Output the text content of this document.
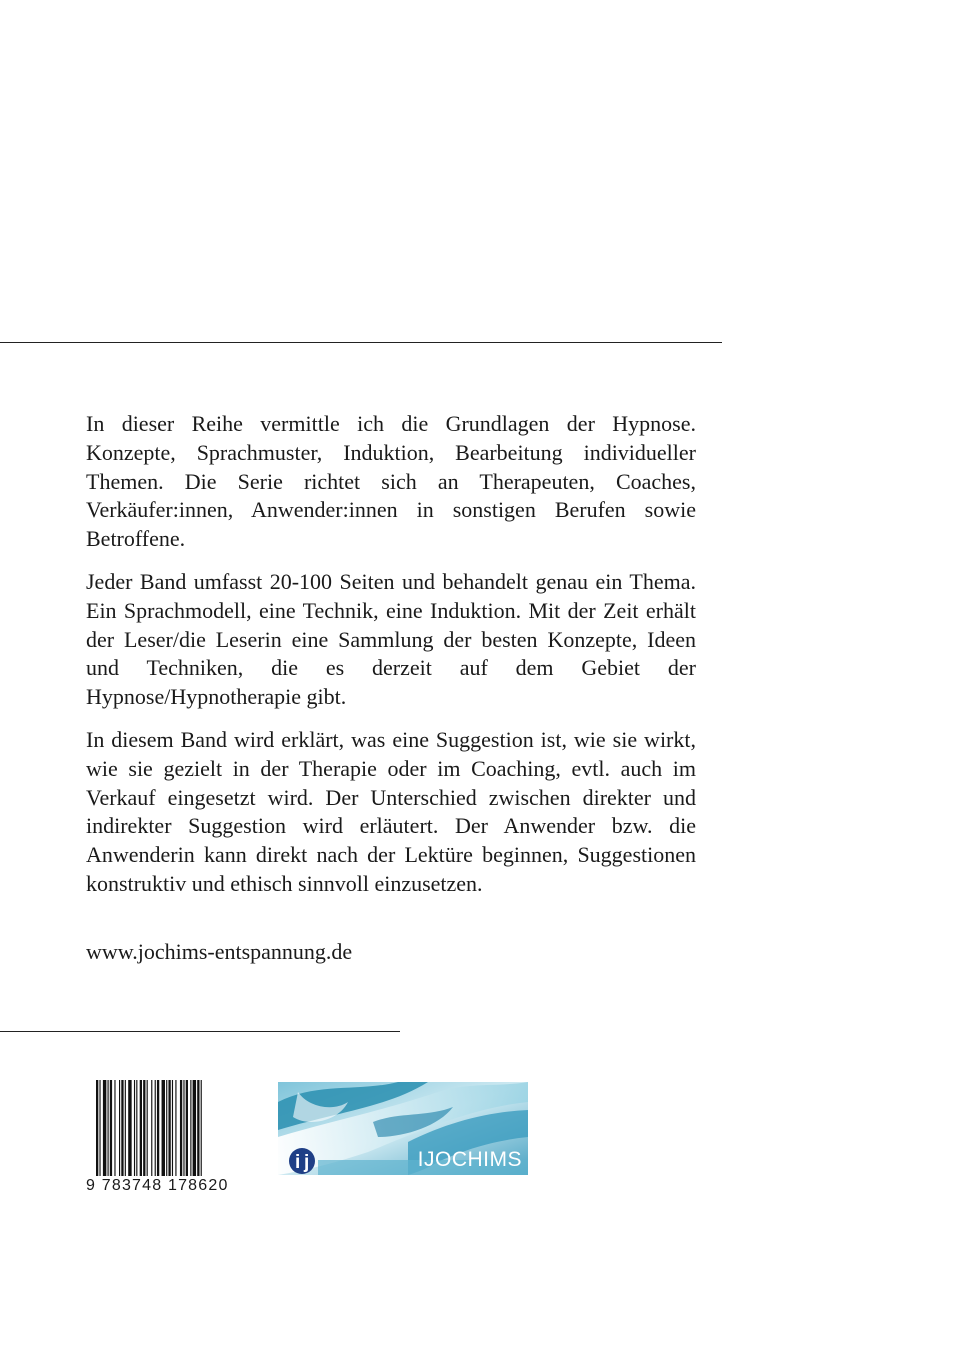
In dieser Reihe vermittle ich die Grundlagen der Hypnose. Konzepte, Sprachmuster, Induktion, Bearbeitung individueller Themen. Die Serie richtet sich an Therapeuten, Coaches, Verkäufer:innen, Anwender:innen in sonstigen Berufen sowie Betroffene.

Jeder Band umfasst 20-100 Seiten und behandelt genau ein Thema. Ein Sprachmodell, eine Technik, eine Induktion. Mit der Zeit erhält der Leser/die Leserin eine Sammlung der besten Konzepte, Ideen und Techniken, die es derzeit auf dem Gebiet der Hypnose/Hypnotherapie gibt.

In diesem Band wird erklärt, was eine Suggestion ist, wie sie wirkt, wie sie gezielt in der Therapie oder im Coaching, evtl. auch im Verkauf eingesetzt wird. Der Unterschied zwischen direkter und indirekter Suggestion wird erläutert. Der Anwender bzw. die Anwenderin kann direkt nach der Lektüre beginnen, Suggestionen konstruktiv und ethisch sinnvoll einzusetzen.

www.jochims-entspannung.de
9 783748 178620
i j	IJOCHIMS
